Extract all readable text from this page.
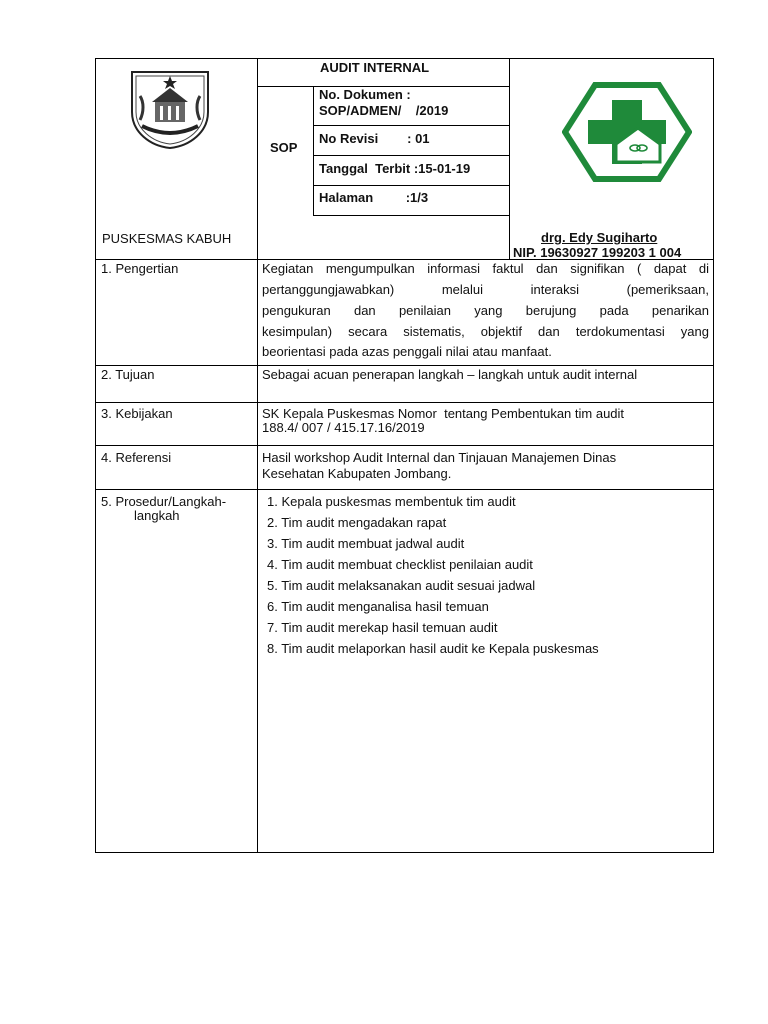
PUSKESMAS KABUH
AUDIT INTERNAL
SOP
No. Dokumen :
SOP/ADMEN/    /2019
No Revisi        : 01
Tanggal  Terbit :15-01-19
Halaman         :1/3
drg. Edy Sugiharto
NIP. 19630927 199203 1 004
1. Pengertian	Kegiatan mengumpulkan informasi faktul dan signifikan ( dapat di
pertanggungjawabkan)      melalui      interaksi      (pemeriksaan,
pengukuran  dan  penilaian  yang  berujung  pada  penarikan
kesimpulan) secara sistematis, objektif dan terdokumentasi yang
beorientasi pada azas penggali nilai atau manfaat.
2. Tujuan	Sebagai acuan penerapan langkah – langkah untuk audit internal
3. Kebijakan	SK Kepala Puskesmas Nomor  tentang Pembentukan tim audit
188.4/ 007 / 415.17.16/2019
4. Referensi	Hasil workshop Audit Internal dan Tinjauan Manajemen Dinas
Kesehatan Kabupaten Jombang.
5. Prosedur/Langkah-
langkah
1. Kepala puskesmas membentuk tim audit
2. Tim audit mengadakan rapat
3. Tim audit membuat jadwal audit
4. Tim audit membuat checklist penilaian audit
5. Tim audit melaksanakan audit sesuai jadwal
6. Tim audit menganalisa hasil temuan
7. Tim audit merekap hasil temuan audit
8. Tim audit melaporkan hasil audit ke Kepala puskesmas
